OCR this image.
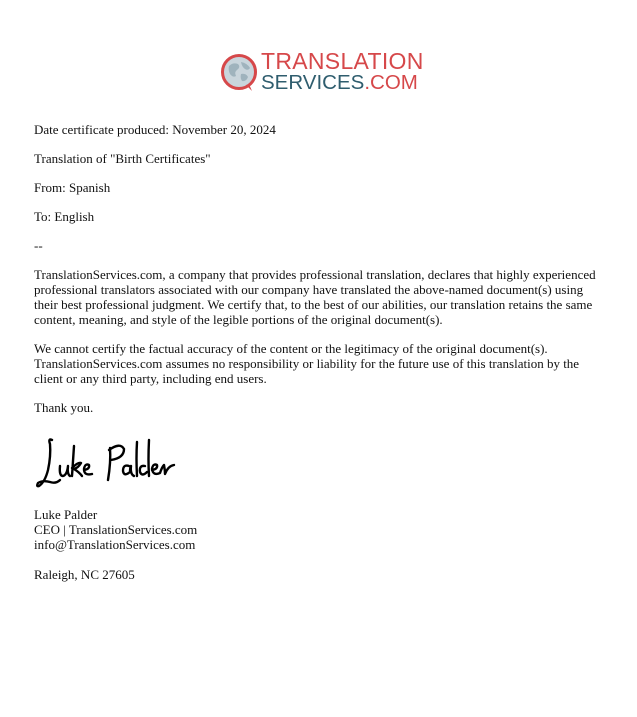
TRANSLATION
SERVICES.COM

Date certificate produced: November 20, 2024

Translation of "Birth Certificates"

From: Spanish

To: English

--

TranslationServices.com, a company that provides professional translation, declares that highly experienced professional translators associated with our company have translated the above-named document(s) using their best professional judgment. We certify that, to the best of our abilities, our translation retains the same content, meaning, and style of the legible portions of the original document(s).

We cannot certify the factual accuracy of the content or the legitimacy of the original document(s). TranslationServices.com assumes no responsibility or liability for the future use of this translation by the client or any third party, including end users.

Thank you.

Luke Palder

CEO | TranslationServices.com

info@TranslationServices.com

Raleigh, NC 27605
